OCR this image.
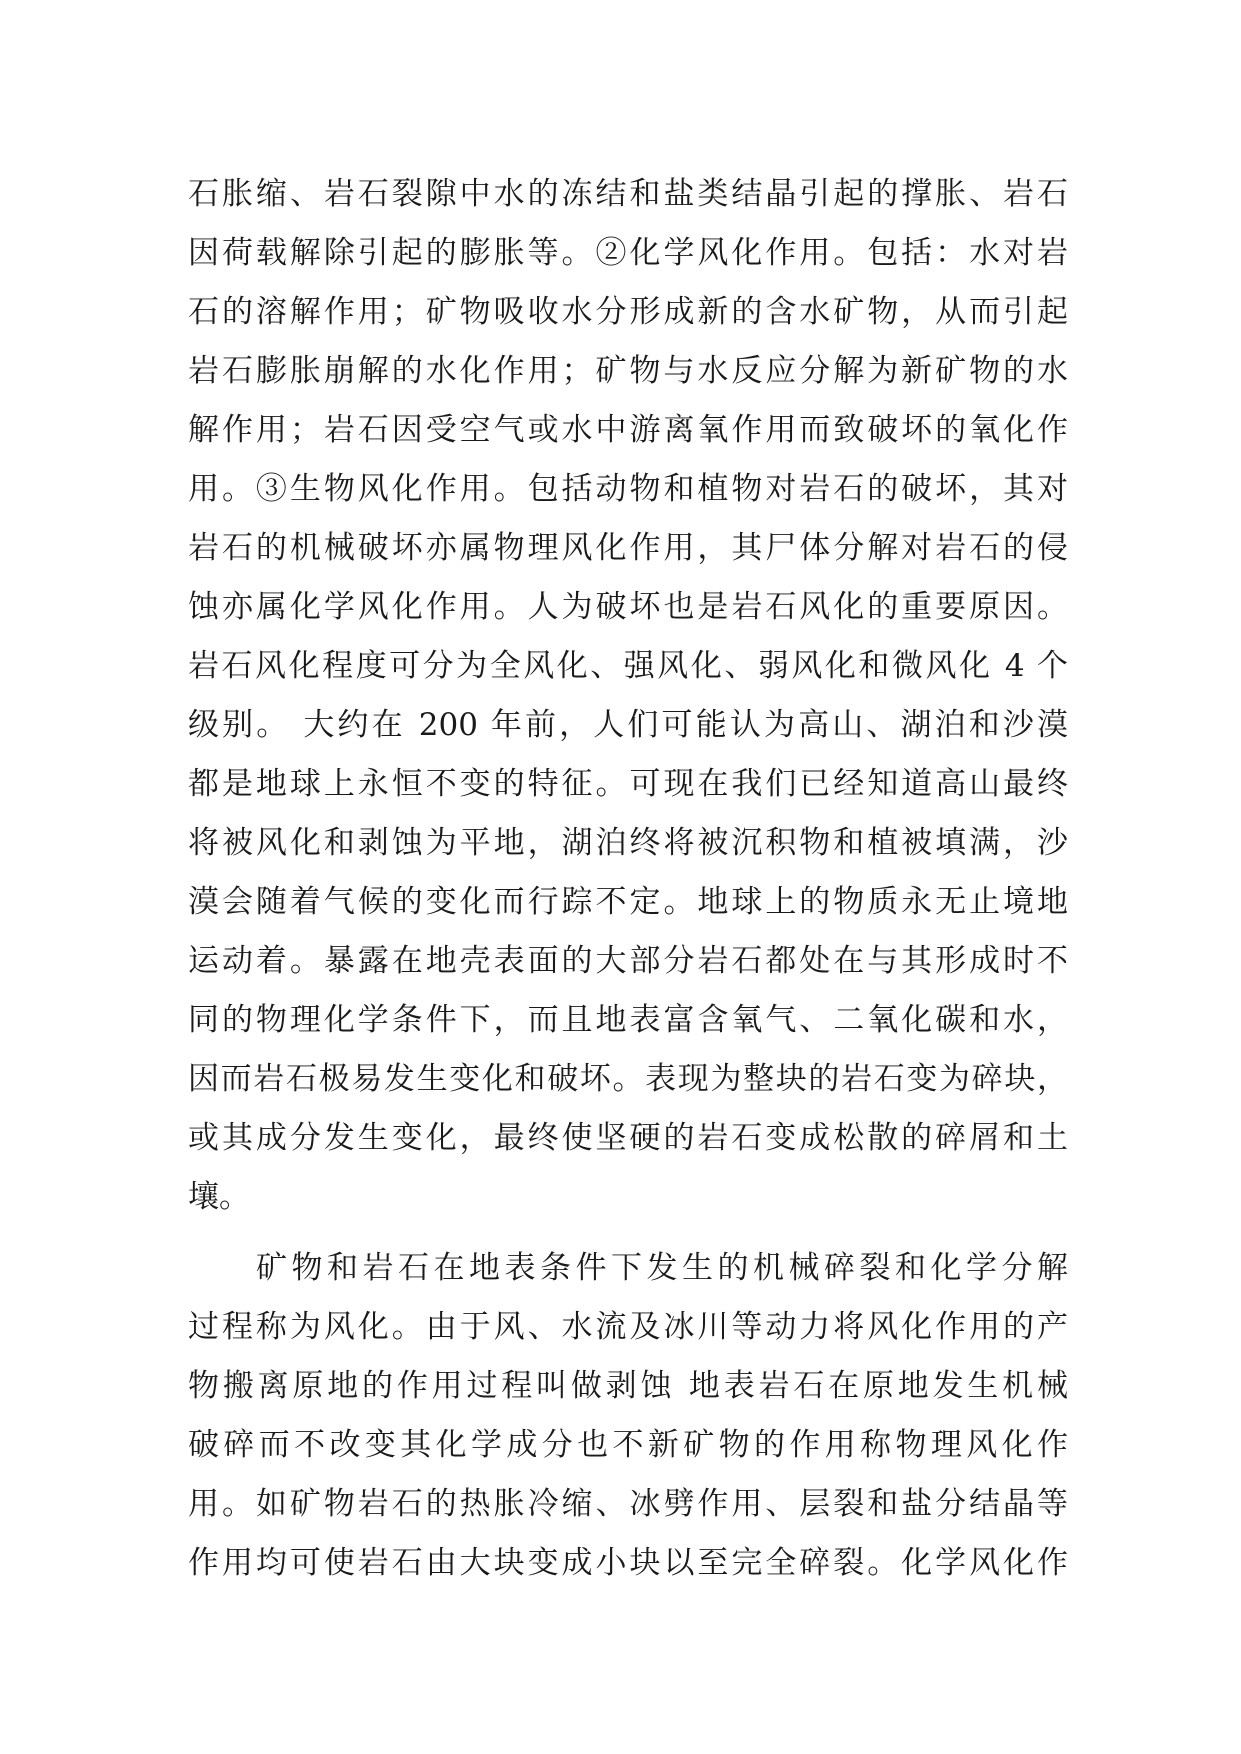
石胀缩、岩石裂隙中水的冻结和盐类结晶引起的撑胀、岩石
因荷载解除引起的膨胀等。②化学风化作用。包括：水对岩
石的溶解作用；矿物吸收水分形成新的含水矿物，从而引起
岩石膨胀崩解的水化作用；矿物与水反应分解为新矿物的水
解作用；岩石因受空气或水中游离氧作用而致破坏的氧化作
用。③生物风化作用。包括动物和植物对岩石的破坏，其对
岩石的机械破坏亦属物理风化作用，其尸体分解对岩石的侵
蚀亦属化学风化作用。人为破坏也是岩石风化的重要原因。
岩石风化程度可分为全风化、强风化、弱风化和微风化 4 个
级别。 大约在 200 年前，人们可能认为高山、湖泊和沙漠
都是地球上永恒不变的特征。可现在我们已经知道高山最终
将被风化和剥蚀为平地，湖泊终将被沉积物和植被填满，沙
漠会随着气候的变化而行踪不定。地球上的物质永无止境地
运动着。暴露在地壳表面的大部分岩石都处在与其形成时不
同的物理化学条件下，而且地表富含氧气、二氧化碳和水，
因而岩石极易发生变化和破坏。表现为整块的岩石变为碎块，
或其成分发生变化，最终使坚硬的岩石变成松散的碎屑和土
壤。
矿物和岩石在地表条件下发生的机械碎裂和化学分解
过程称为风化。由于风、水流及冰川等动力将风化作用的产
物搬离原地的作用过程叫做剥蚀 地表岩石在原地发生机械
破碎而不改变其化学成分也不新矿物的作用称物理风化作
用。如矿物岩石的热胀冷缩、冰劈作用、层裂和盐分结晶等
作用均可使岩石由大块变成小块以至完全碎裂。化学风化作
